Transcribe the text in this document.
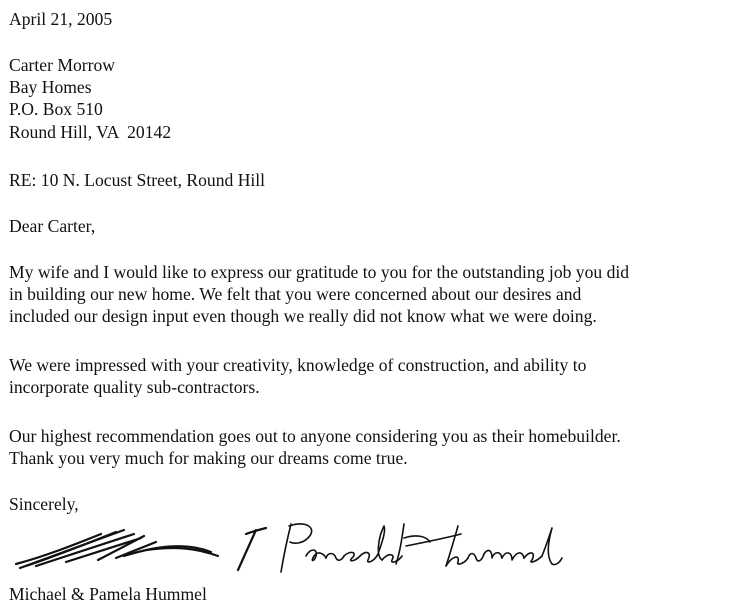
April 21, 2005
Carter Morrow
Bay Homes
P.O. Box 510
Round Hill, VA  20142
RE: 10 N. Locust Street, Round Hill
Dear Carter,
My wife and I would like to express our gratitude to you for the outstanding job you did
in building our new home. We felt that you were concerned about our desires and
included our design input even though we really did not know what we were doing.
We were impressed with your creativity, knowledge of construction, and ability to
incorporate quality sub-contractors.
Our highest recommendation goes out to anyone considering you as their homebuilder.
Thank you very much for making our dreams come true.
Sincerely,
Michael & Pamela Hummel
